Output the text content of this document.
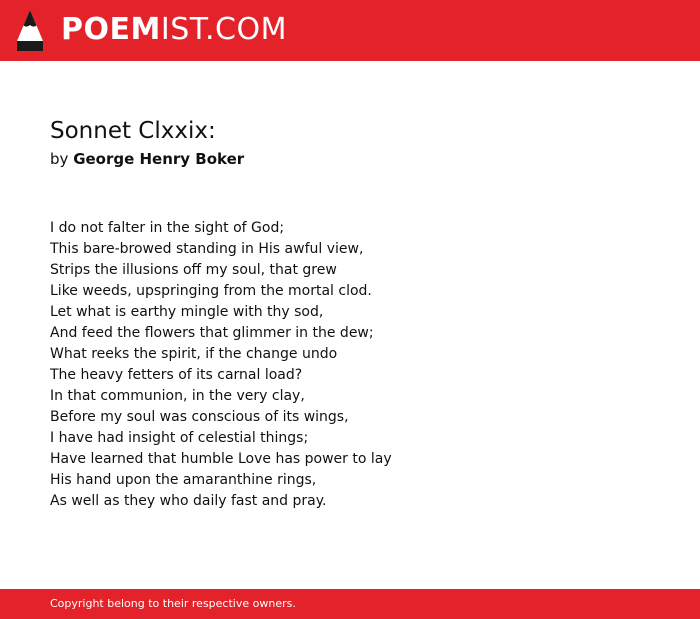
POEMIST.COM
Sonnet Clxxix:
by George Henry Boker
I do not falter in the sight of God;
This bare-browed standing in His awful view,
Strips the illusions off my soul, that grew
Like weeds, upspringing from the mortal clod.
Let what is earthy mingle with thy sod,
And feed the flowers that glimmer in the dew;
What reeks the spirit, if the change undo
The heavy fetters of its carnal load?
In that communion, in the very clay,
Before my soul was conscious of its wings,
I have had insight of celestial things;
Have learned that humble Love has power to lay
His hand upon the amaranthine rings,
As well as they who daily fast and pray.
Copyright belong to their respective owners.
